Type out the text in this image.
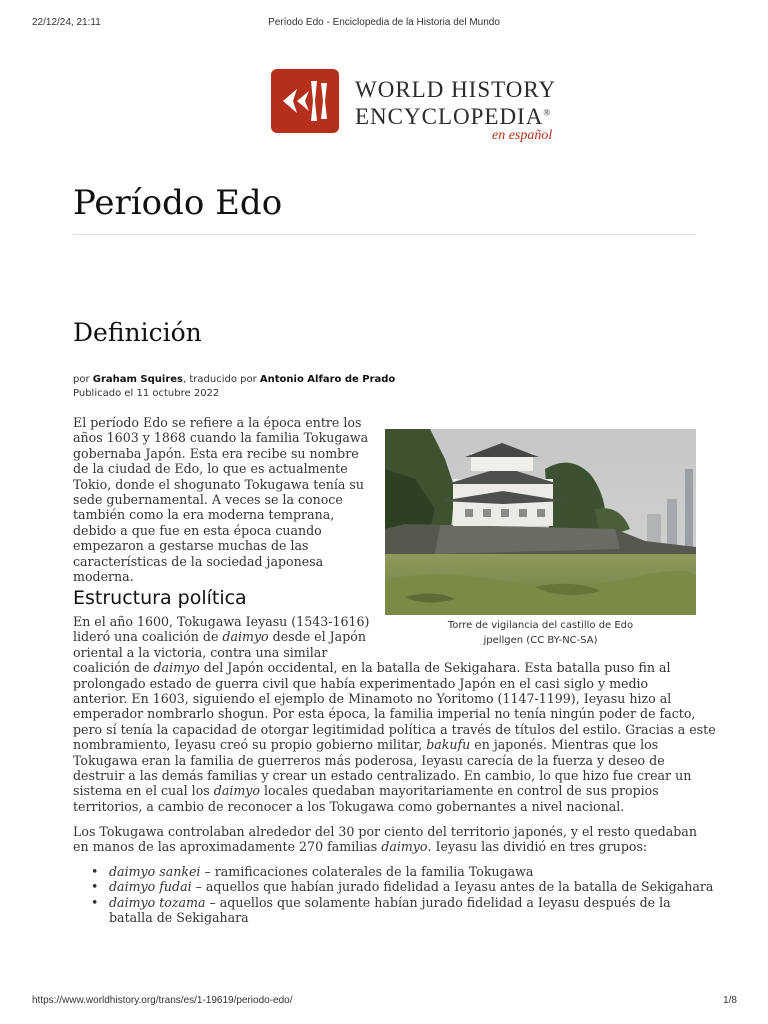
22/12/24, 21:11	Período Edo - Enciclopedia de la Historia del Mundo
WORLD HISTORY
ENCYCLOPEDIA®
en español
Período Edo
Definición
por Graham Squires, traducido por Antonio Alfaro de Prado
Publicado el 11 octubre 2022

El período Edo se refiere a la época entre los años 1603 y 1868 cuando la familia Tokugawa gobernaba Japón. Esta era recibe su nombre de la ciudad de Edo, lo que es actualmente Tokio, donde el shogunato Tokugawa tenía su sede gubernamental. A veces se la conoce también como la era moderna temprana, debido a que fue en esta época cuando empezaron a gestarse muchas de las características de la sociedad japonesa moderna.

Torre de vigilancia del castillo de Edo
jpellgen (CC BY-NC-SA)
Estructura política
En el año 1600, Tokugawa Ieyasu (1543-1616)
lideró una coalición de daimyo desde el Japón
oriental a la victoria, contra una similar
coalición de daimyo del Japón occidental, en la batalla de Sekigahara. Esta batalla puso fin al
prolongado estado de guerra civil que había experimentado Japón en el casi siglo y medio
anterior. En 1603, siguiendo el ejemplo de Minamoto no Yoritomo (1147-1199), Ieyasu hizo al
emperador nombrarlo shogun. Por esta época, la familia imperial no tenía ningún poder de facto,
pero sí tenía la capacidad de otorgar legitimidad política a través de títulos del estilo. Gracias a este
nombramiento, Ieyasu creó su propio gobierno militar, bakufu en japonés. Mientras que los
Tokugawa eran la familia de guerreros más poderosa, Ieyasu carecía de la fuerza y deseo de
destruir a las demás familias y crear un estado centralizado. En cambio, lo que hizo fue crear un
sistema en el cual los daimyo locales quedaban mayoritariamente en control de sus propios
territorios, a cambio de reconocer a los Tokugawa como gobernantes a nivel nacional.
Los Tokugawa controlaban alrededor del 30 por ciento del territorio japonés, y el resto quedaban
en manos de las aproximadamente 270 familias daimyo. Ieyasu las dividió en tres grupos:
• daimyo sankei – ramificaciones colaterales de la familia Tokugawa
• daimyo fudai – aquellos que habían jurado fidelidad a Ieyasu antes de la batalla de Sekigahara
• daimyo tozama – aquellos que solamente habían jurado fidelidad a Ieyasu después de la
batalla de Sekigahara
https://www.worldhistory.org/trans/es/1-19619/periodo-edo/	1/8
